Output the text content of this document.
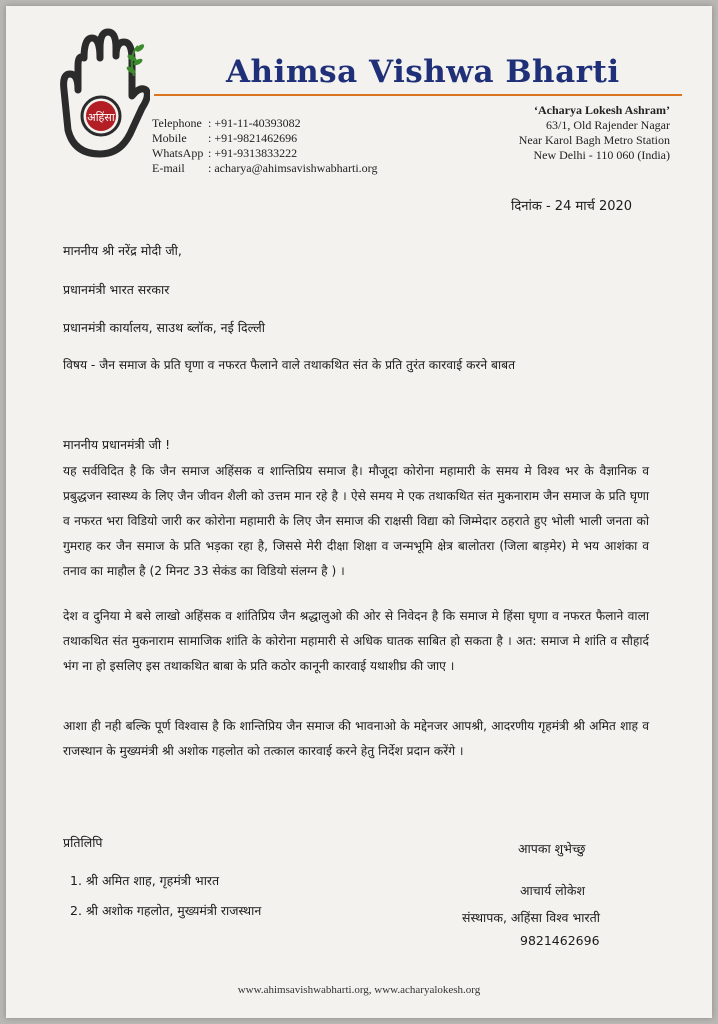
अहिंसा
Ahimsa Vishwa Bharti
Telephone : +91-11-40393082
Mobile	: +91-9821462696
WhatsApp : +91-9313833222
E-mail	: acharya@ahimsavishwabharti.org
‘Acharya Lokesh Ashram’
63/1, Old Rajender Nagar
Near Karol Bagh Metro Station
New Delhi - 110 060 (India)
दिनांक - 24 मार्च 2020
माननीय श्री नरेंद्र मोदी जी,
प्रधानमंत्री भारत सरकार
प्रधानमंत्री कार्यालय, साउथ ब्लॉक, नई दिल्ली
विषय - जैन समाज के प्रति घृणा व नफरत फैलाने वाले तथाकथित संत के प्रति तुरंत कारवाई करने बाबत
माननीय प्रधानमंत्री जी !
यह सर्वविदित है कि जैन समाज अहिंसक व शान्तिप्रिय समाज है। मौजूदा कोरोना महामारी के समय मे विश्व भर के वैज्ञानिक व प्रबुद्धजन स्वास्थ्य के लिए जैन जीवन शैली को उत्तम मान रहे है । ऐसे समय मे एक तथाकथित संत मुकनाराम जैन समाज के प्रति घृणा व नफरत भरा विडियो जारी कर कोरोना महामारी के लिए जैन समाज की राक्षसी विद्या को जिम्मेदार ठहराते हुए भोली भाली जनता को गुमराह कर जैन समाज के प्रति भड़का रहा है, जिससे मेरी दीक्षा शिक्षा व जन्मभूमि क्षेत्र बालोतरा (जिला बाड़मेर) मे भय आशंका व तनाव का माहौल है (2 मिनट 33 सेकंड का विडियो संलग्न है ) ।
देश व दुनिया मे बसे लाखो अहिंसक व शांतिप्रिय जैन श्रद्धालुओ की ओर से निवेदन है कि समाज मे हिंसा घृणा व नफरत फैलाने वाला तथाकथित संत मुकनाराम सामाजिक शांति के कोरोना महामारी से अधिक घातक साबित हो सकता है । अत: समाज मे शांति व सौहार्द भंग ना हो इसलिए इस तथाकथित बाबा के प्रति कठोर कानूनी कारवाई यथाशीघ्र की जाए ।
आशा ही नही बल्कि पूर्ण विश्वास है कि शान्तिप्रिय जैन समाज की भावनाओ के मद्देनजर आपश्री, आदरणीय गृहमंत्री श्री अमित शाह व राजस्थान के मुख्यमंत्री श्री अशोक गहलोत को तत्काल कारवाई करने हेतु निर्देश प्रदान करेंगे ।
प्रतिलिपि
1. श्री अमित शाह, गृहमंत्री भारत
2. श्री अशोक गहलोत, मुख्यमंत्री राजस्थान
आपका शुभेच्छु
आचार्य लोकेश
संस्थापक, अहिंसा विश्व भारती
9821462696
www.ahimsavishwabharti.org, www.acharyalokesh.org
